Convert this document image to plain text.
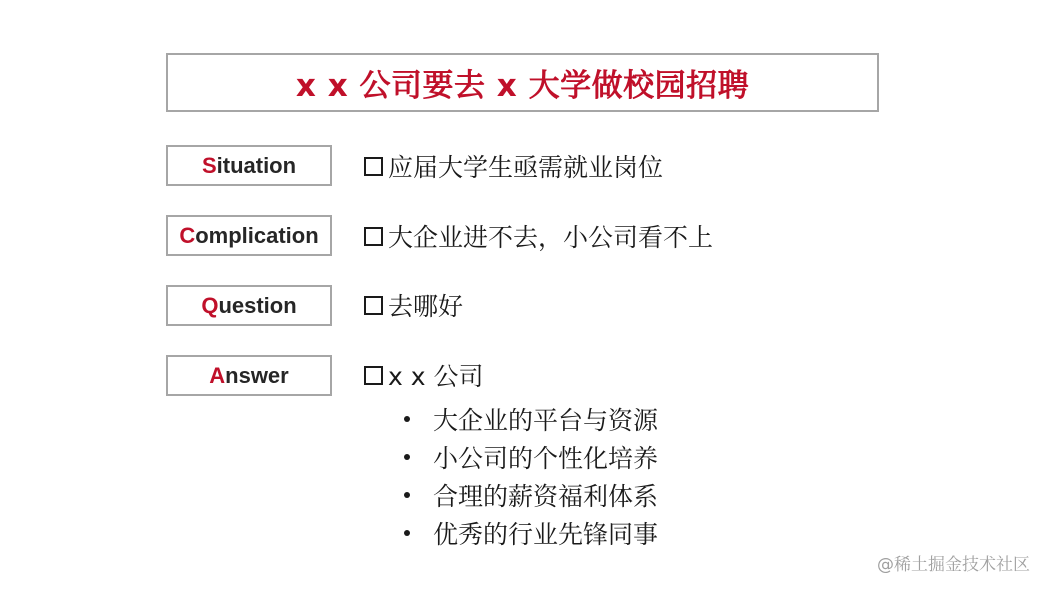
x x 公司要去 x 大学做校园招聘
S ituation	应届大学生亟需就业岗位
C omplication	大企业进不去，小公司看不上
Q uestion	去哪好
A nswer	x x 公司
大企业的平台与资源
小公司的个性化培养
合理的薪资福利体系
优秀的行业先锋同事
@稀土掘金技术社区
